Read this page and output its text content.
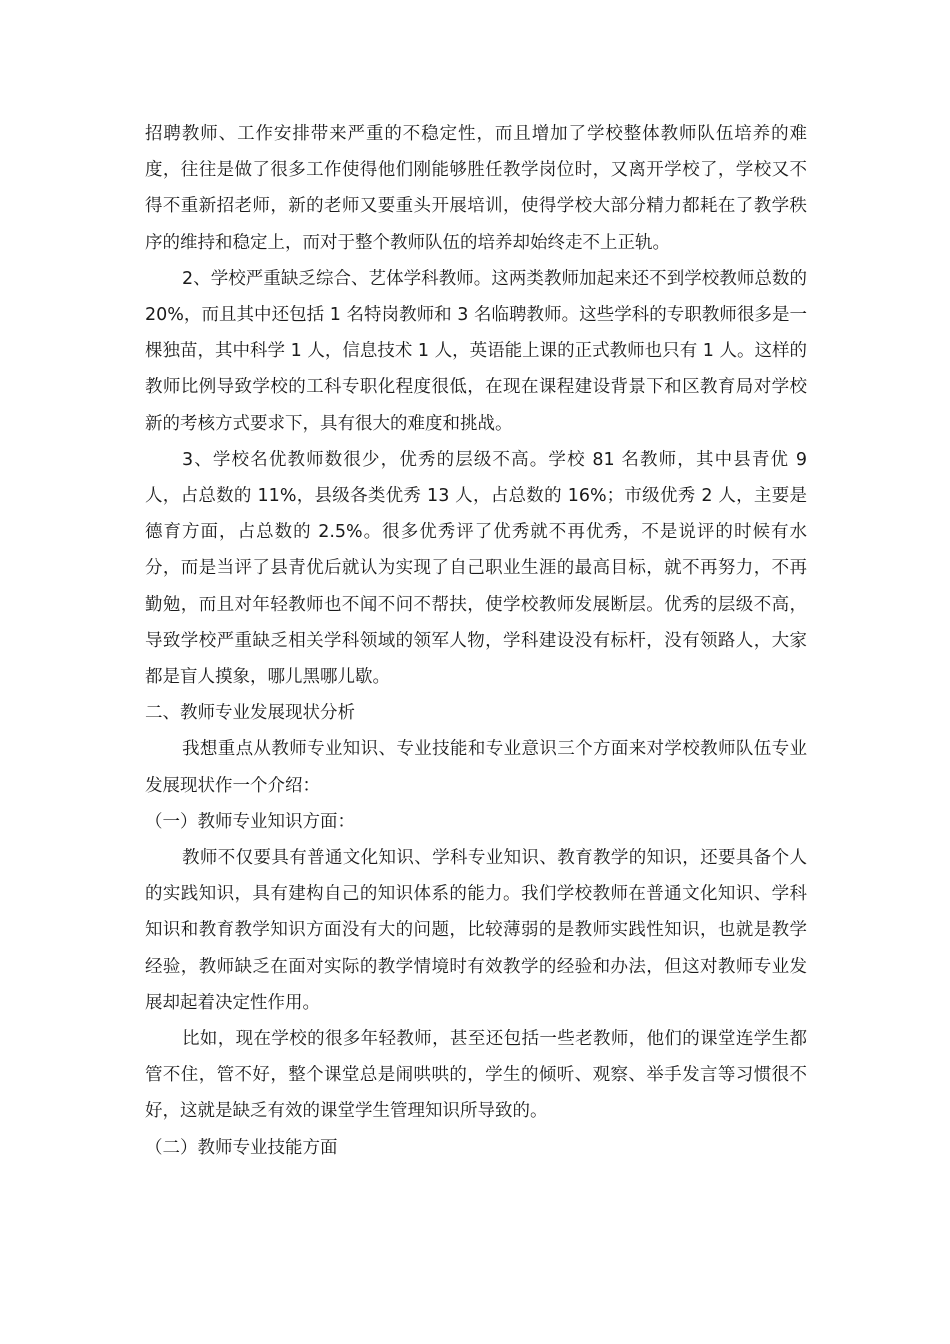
招聘教师、工作安排带来严重的不稳定性，而且增加了学校整体教师队伍培养的难度，往往是做了很多工作使得他们刚能够胜任教学岗位时，又离开学校了，学校又不得不重新招老师，新的老师又要重头开展培训，使得学校大部分精力都耗在了教学秩序的维持和稳定上，而对于整个教师队伍的培养却始终走不上正轨。

2、学校严重缺乏综合、艺体学科教师。这两类教师加起来还不到学校教师总数的 20%，而且其中还包括 1 名特岗教师和 3 名临聘教师。这些学科的专职教师很多是一棵独苗，其中科学 1 人，信息技术 1 人，英语能上课的正式教师也只有 1 人。这样的教师比例导致学校的工科专职化程度很低，在现在课程建设背景下和区教育局对学校新的考核方式要求下，具有很大的难度和挑战。

3、学校名优教师数很少，优秀的层级不高。学校 81 名教师，其中县青优 9 人，占总数的 11%，县级各类优秀 13 人，占总数的 16%；市级优秀 2 人，主要是德育方面，占总数的 2.5%。很多优秀评了优秀就不再优秀，不是说评的时候有水分，而是当评了县青优后就认为实现了自己职业生涯的最高目标，就不再努力，不再勤勉，而且对年轻教师也不闻不问不帮扶，使学校教师发展断层。优秀的层级不高，导致学校严重缺乏相关学科领域的领军人物，学科建设没有标杆，没有领路人，大家都是盲人摸象，哪儿黑哪儿歇。

二、教师专业发展现状分析

我想重点从教师专业知识、专业技能和专业意识三个方面来对学校教师队伍专业发展现状作一个介绍：

（一）教师专业知识方面：

教师不仅要具有普通文化知识、学科专业知识、教育教学的知识，还要具备个人的实践知识，具有建构自己的知识体系的能力。我们学校教师在普通文化知识、学科知识和教育教学知识方面没有大的问题，比较薄弱的是教师实践性知识，也就是教学经验，教师缺乏在面对实际的教学情境时有效教学的经验和办法，但这对教师专业发展却起着决定性作用。

比如，现在学校的很多年轻教师，甚至还包括一些老教师，他们的课堂连学生都管不住，管不好，整个课堂总是闹哄哄的，学生的倾听、观察、举手发言等习惯很不好，这就是缺乏有效的课堂学生管理知识所导致的。

（二）教师专业技能方面
